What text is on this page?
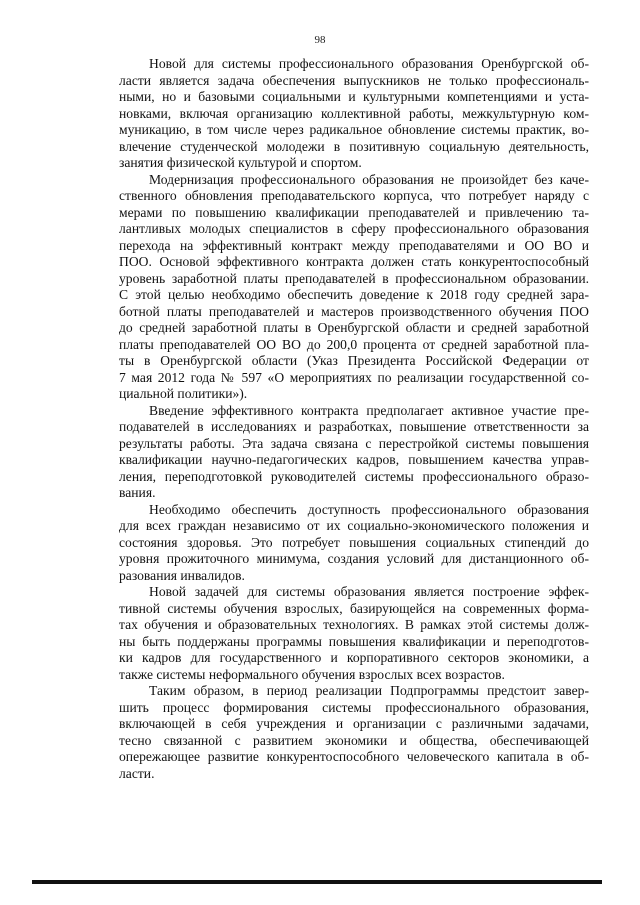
98
Новой для системы профессионального образования Оренбургской об-
ласти является задача обеспечения выпускников не только профессиональ-
ными, но и базовыми социальными и культурными компетенциями и уста-
новками, включая организацию коллективной работы, межкультурную ком-
муникацию, в том числе через радикальное обновление системы практик, во-
влечение студенческой молодежи в позитивную социальную деятельность,
занятия физической культурой и спортом.
Модернизация профессионального образования не произойдет без каче-
ственного обновления преподавательского корпуса, что потребует наряду с
мерами по повышению квалификации преподавателей и привлечению та-
лантливых молодых специалистов в сферу профессионального образования
перехода на эффективный контракт между преподавателями и ОО ВО и
ПОО. Основой эффективного контракта должен стать конкурентоспособный
уровень заработной платы преподавателей в профессиональном образовании.
С этой целью необходимо обеспечить доведение к 2018 году средней зара-
ботной платы преподавателей и мастеров производственного обучения ПОО
до средней заработной платы в Оренбургской области и средней заработной
платы преподавателей ОО ВО до 200,0 процента от средней заработной пла-
ты в Оренбургской области (Указ Президента Российской Федерации от
7 мая 2012 года № 597 «О мероприятиях по реализации государственной со-
циальной политики»).
Введение эффективного контракта предполагает активное участие пре-
подавателей в исследованиях и разработках, повышение ответственности за
результаты работы. Эта задача связана с перестройкой системы повышения
квалификации научно-педагогических кадров, повышением качества управ-
ления, переподготовкой руководителей системы профессионального образо-
вания.
Необходимо обеспечить доступность профессионального образования
для всех граждан независимо от их социально-экономического положения и
состояния здоровья. Это потребует повышения социальных стипендий до
уровня прожиточного минимума, создания условий для дистанционного об-
разования инвалидов.
Новой задачей для системы образования является построение эффек-
тивной системы обучения взрослых, базирующейся на современных форма-
тах обучения и образовательных технологиях. В рамках этой системы долж-
ны быть поддержаны программы повышения квалификации и переподготов-
ки кадров для государственного и корпоративного секторов экономики, а
также системы неформального обучения взрослых всех возрастов.
Таким образом, в период реализации Подпрограммы предстоит завер-
шить процесс формирования системы профессионального образования,
включающей в себя учреждения и организации с различными задачами,
тесно связанной с развитием экономики и общества, обеспечивающей
опережающее развитие конкурентоспособного человеческого капитала в об-
ласти.
